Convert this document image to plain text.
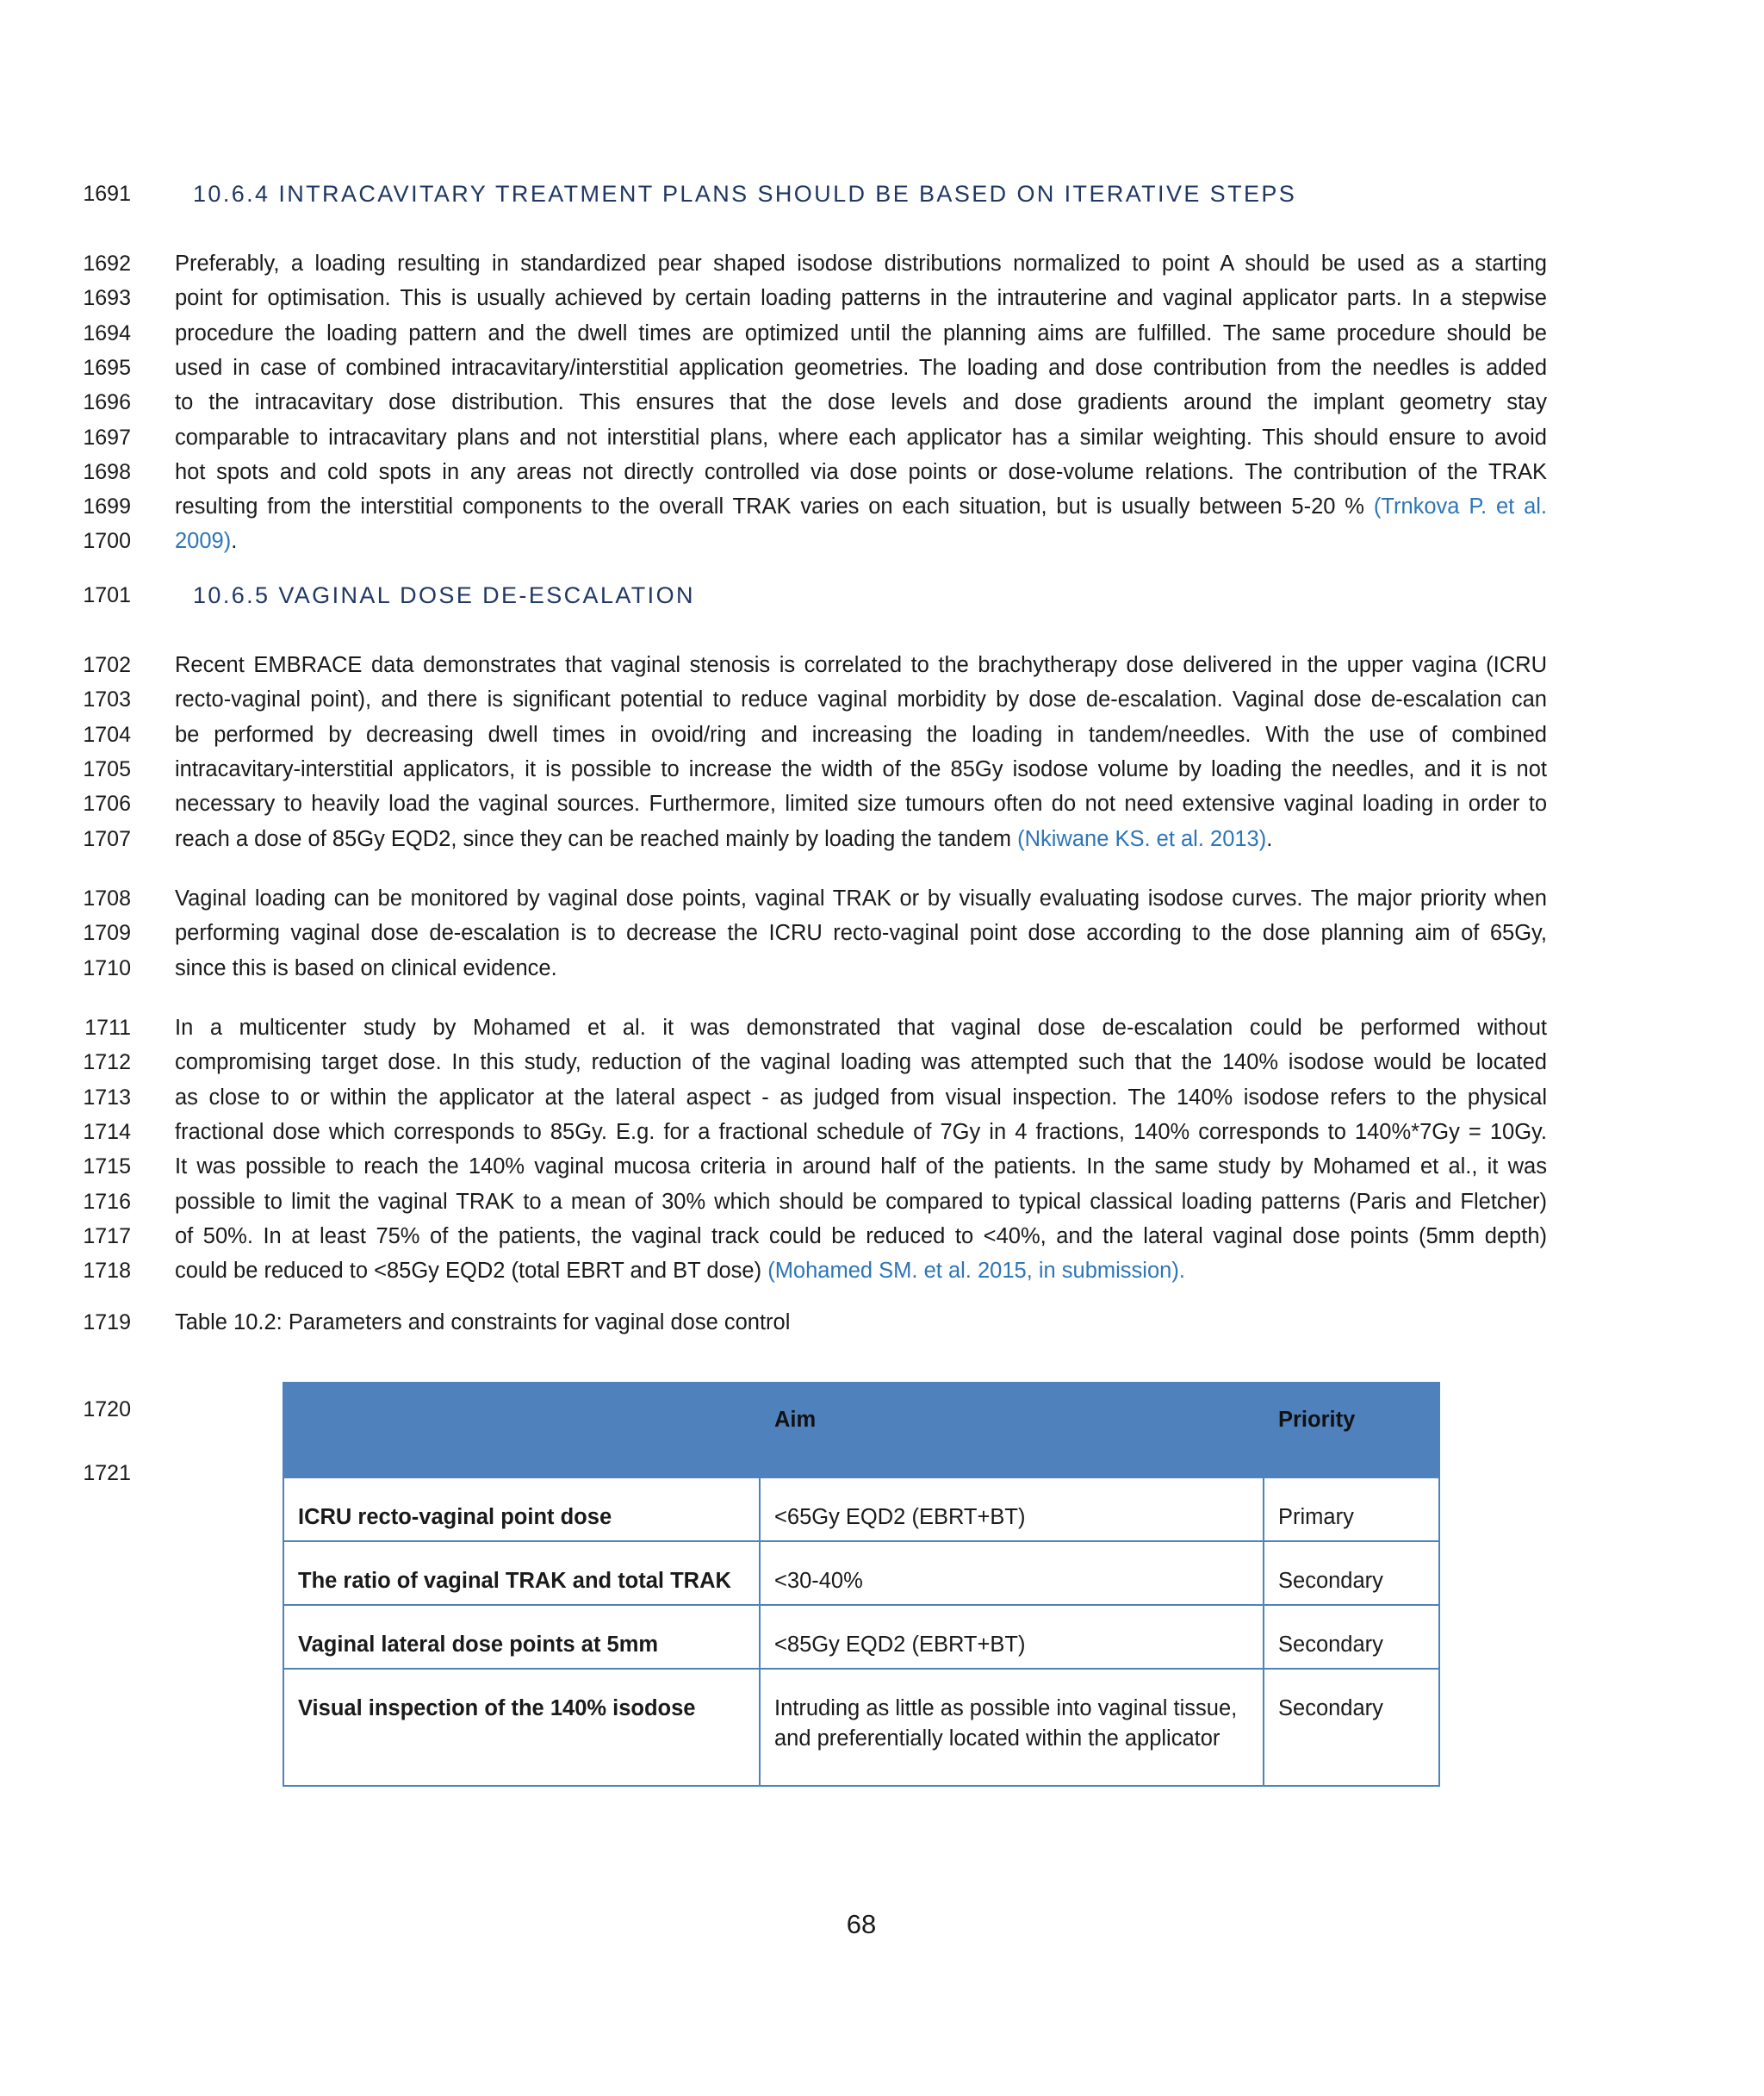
1691	10.6.4 INTRACAVITARY TREATMENT PLANS SHOULD BE BASED ON ITERATIVE STEPS
1692 Preferably, a loading resulting in standardized pear shaped isodose distributions normalized to point A should be used as a starting
1693 point for optimisation. This is usually achieved by certain loading patterns in the intrauterine and vaginal applicator parts. In a stepwise
1694 procedure the loading pattern and the dwell times are optimized until the planning aims are fulfilled. The same procedure should be
1695 used in case of combined intracavitary/interstitial application geometries. The loading and dose contribution from the needles is added
1696 to the intracavitary dose distribution. This ensures that the dose levels and dose gradients around the implant geometry stay
1697 comparable to intracavitary plans and not interstitial plans, where each applicator has a similar weighting. This should ensure to avoid
1698 hot spots and cold spots in any areas not directly controlled via dose points or dose-volume relations. The contribution of the TRAK
1699 resulting from the interstitial components to the overall TRAK varies on each situation, but is usually between 5-20 % (Trnkova P. et al.
1700 2009).
1701	10.6.5 VAGINAL DOSE DE-ESCALATION
1702 Recent EMBRACE data demonstrates that vaginal stenosis is correlated to the brachytherapy dose delivered in the upper vagina (ICRU
1703 recto-vaginal point), and there is significant potential to reduce vaginal morbidity by dose de-escalation. Vaginal dose de-escalation can
1704 be performed by decreasing dwell times in ovoid/ring and increasing the loading in tandem/needles. With the use of combined
1705 intracavitary-interstitial applicators, it is possible to increase the width of the 85Gy isodose volume by loading the needles, and it is not
1706 necessary to heavily load the vaginal sources. Furthermore, limited size tumours often do not need extensive vaginal loading in order to
1707 reach a dose of 85Gy EQD2, since they can be reached mainly by loading the tandem (Nkiwane KS. et al. 2013).
1708 Vaginal loading can be monitored by vaginal dose points, vaginal TRAK or by visually evaluating isodose curves. The major priority when
1709 performing vaginal dose de-escalation is to decrease the ICRU recto-vaginal point dose according to the dose planning aim of 65Gy,
1710 since this is based on clinical evidence.
1711 In a multicenter study by Mohamed et al. it was demonstrated that vaginal dose de-escalation could be performed without
1712 compromising target dose. In this study, reduction of the vaginal loading was attempted such that the 140% isodose would be located
1713 as close to or within the applicator at the lateral aspect - as judged from visual inspection. The 140% isodose refers to the physical
1714 fractional dose which corresponds to 85Gy. E.g. for a fractional schedule of 7Gy in 4 fractions, 140% corresponds to 140%*7Gy = 10Gy.
1715 It was possible to reach the 140% vaginal mucosa criteria in around half of the patients. In the same study by Mohamed et al., it was
1716 possible to limit the vaginal TRAK to a mean of 30% which should be compared to typical classical loading patterns (Paris and Fletcher)
1717 of 50%. In at least 75% of the patients, the vaginal track could be reduced to <40%, and the lateral vaginal dose points (5mm depth)
1718 could be reduced to <85Gy EQD2 (total EBRT and BT dose) (Mohamed SM. et al. 2015, in submission).
1719 Table 10.2: Parameters and constraints for vaginal dose control
1720
1721
	Aim	Priority
ICRU recto-vaginal point dose	<65Gy EQD2 (EBRT+BT)	Primary
The ratio of vaginal TRAK and total TRAK	<30-40%	Secondary
Vaginal lateral dose points at 5mm	<85Gy EQD2 (EBRT+BT)	Secondary
Visual inspection of the 140% isodose	Intruding as little as possible into vaginal tissue, and preferentially located within the applicator	Secondary
68
